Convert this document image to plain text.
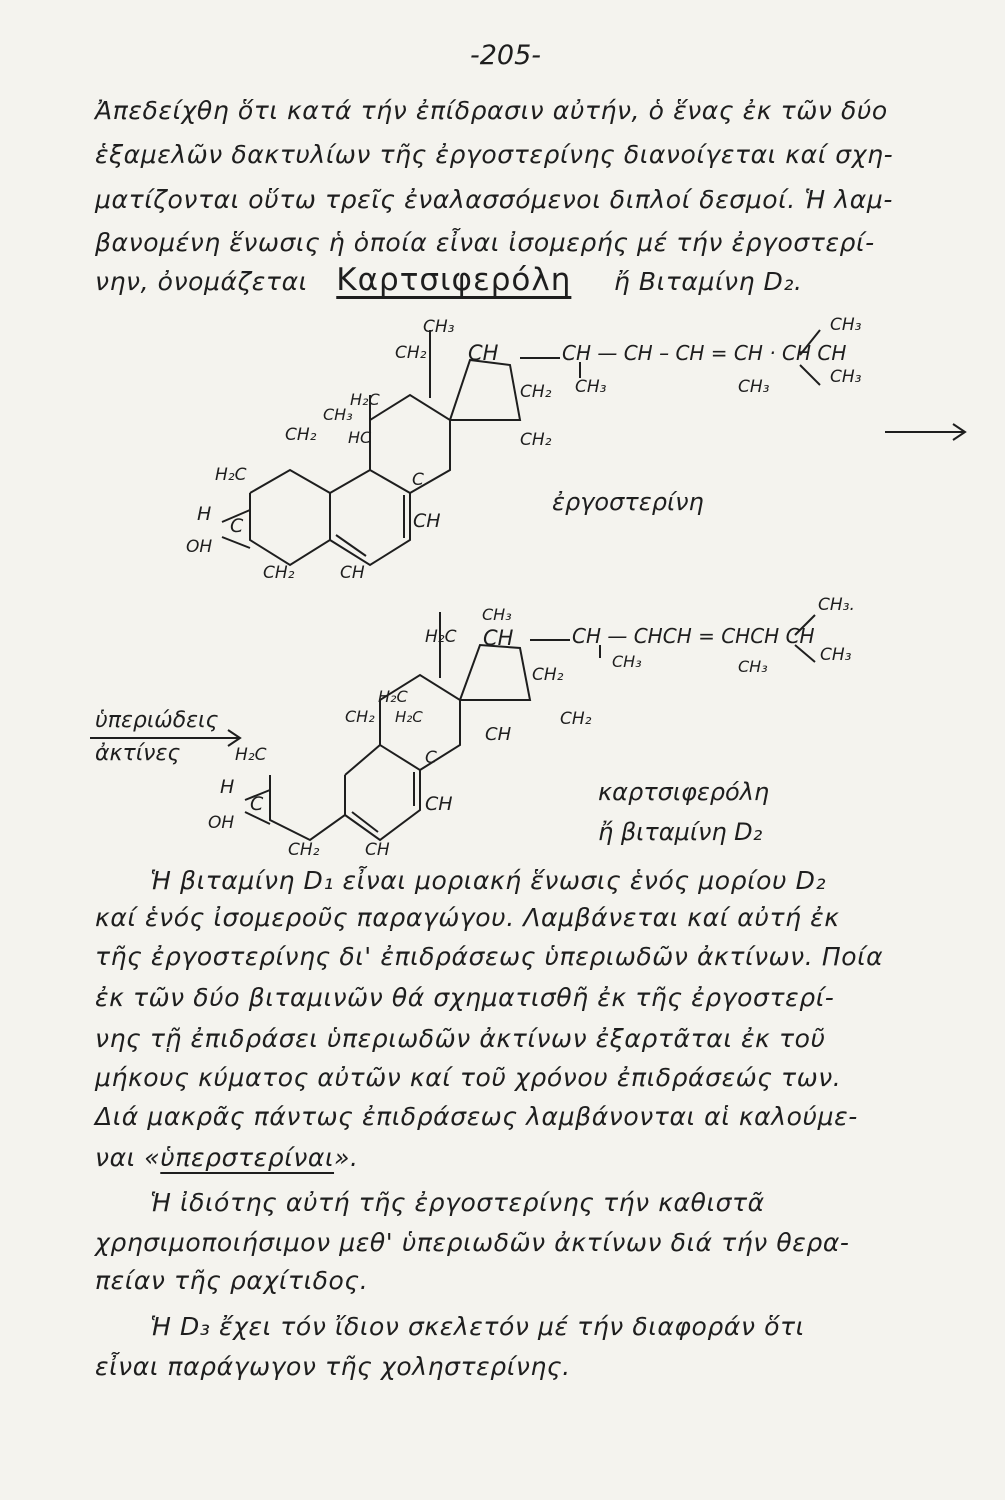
-205-
Ἀπεδείχθη ὅτι κατά τήν ἐπίδρασιν αὐτήν, ὁ ἕνας ἐκ τῶν δύο
ἑξαμελῶν δακτυλίων τῆς ἐργοστερίνης διανοίγεται καί σχη-
ματίζονται οὕτω τρεῖς ἐναλασσόμενοι διπλοί δεσμοί. Ἡ λαμ-
βανομένη ἕνωσις ἡ ὁποία εἶναι ἰσομερής μέ τήν ἐργοστερί-
νην, ὀνομάζεται Καρτσιφερόλη ἤ Βιταμίνη D₂.
CH₃
CH₂ CH	CH — CH – CH = CH · CH CH
CH₃
CH₃
CH₃	CH₃
H₂C	CH₂
CH₃
CH₂ HC	CH₂
H₂C	C
H
C	CH
OH
CH₂	CH
ἐργοστερίνη
CH₃
H₂C CH	CH — CHCH = CHCH CH
CH₃.
CH₃
CH₃	CH₃
CH₂
H₂C
CH₂ H₂C	CH₂
CH
H₂C	C
H
C	CH
OH
CH₂	CH
ὑπεριώδεις
ἀκτίνες
καρτσιφερόλη
ἤ βιταμίνη D₂
Ἡ βιταμίνη D₁ εἶναι μοριακή ἕνωσις ἑνός μορίου D₂
καί ἑνός ἰσομεροῦς παραγώγου. Λαμβάνεται καί αὐτή ἐκ
τῆς ἐργοστερίνης δι' ἐπιδράσεως ὑπεριωδῶν ἀκτίνων. Ποία
ἐκ τῶν δύο βιταμινῶν θά σχηματισθῆ ἐκ τῆς ἐργοστερί-
νης τῇ ἐπιδράσει ὑπεριωδῶν ἀκτίνων ἐξαρτᾶται ἐκ τοῦ
μήκους κύματος αὐτῶν καί τοῦ χρόνου ἐπιδράσεώς των.
Διά μακρᾶς πάντως ἐπιδράσεως λαμβάνονται αἱ καλούμε-
ναι «ὑπερστερίναι».
Ἡ ἰδιότης αὐτή τῆς ἐργοστερίνης τήν καθιστᾶ
χρησιμοποιήσιμον μεθ' ὑπεριωδῶν ἀκτίνων διά τήν θερα-
πείαν τῆς ραχίτιδος.
Ἡ D₃ ἔχει τόν ἴδιον σκελετόν μέ τήν διαφοράν ὅτι
εἶναι παράγωγον τῆς χοληστερίνης.
